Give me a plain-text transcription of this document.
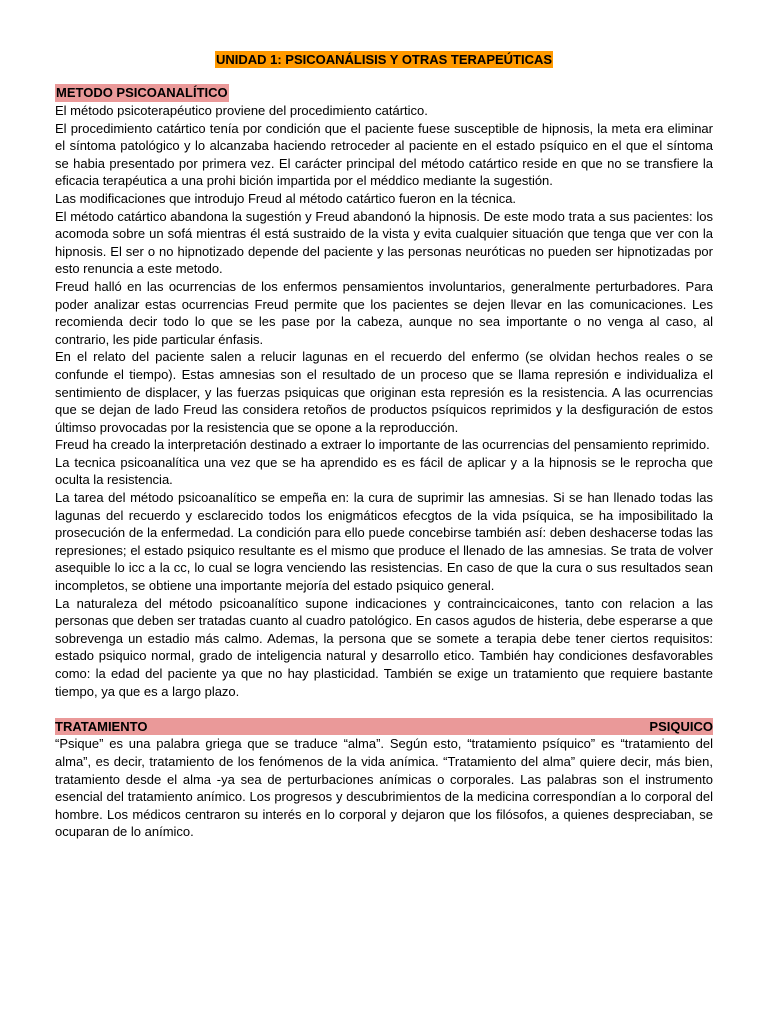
UNIDAD 1: PSICOANÁLISIS Y OTRAS TERAPEÚTICAS
METODO PSICOANALÍTICO

El método psicoterapéutico proviene del procedimiento catártico.

El procedimiento catártico tenía por condición que el paciente fuese susceptible de hipnosis, la meta era eliminar el síntoma patológico y lo alcanzaba haciendo retroceder al paciente en el estado psíquico en el que el síntoma se habia presentado por primera vez. El carácter principal del método catártico reside en que no se transfiere la eficacia terapéutica a una prohi bición impartida por el méddico mediante la sugestión.

Las modificaciones que introdujo Freud al método catártico fueron en la técnica.

El método catártico abandona la sugestión y Freud abandonó la hipnosis. De este modo trata a sus pacientes: los acomoda sobre un sofá mientras él está sustraido de la vista y evita cualquier situación que tenga que ver con la hipnosis. El ser o no hipnotizado depende del paciente y las personas neuróticas no pueden ser hipnotizadas por esto renuncia a este metodo.

Freud halló en las ocurrencias de los enfermos pensamientos involuntarios, generalmente perturbadores. Para poder analizar estas ocurrencias Freud permite que los pacientes se dejen llevar en las comunicaciones. Les recomienda decir todo lo que se les pase por la cabeza, aunque no sea importante o no venga al caso, al contrario, les pide particular énfasis.

En el relato del paciente salen a relucir lagunas en el recuerdo del enfermo (se olvidan hechos reales o se confunde el tiempo). Estas amnesias son el resultado de un proceso que se llama represión e individualiza el sentimiento de displacer, y las fuerzas psiquicas que originan esta represión es la resistencia. A las ocurrencias que se dejan de lado Freud las considera retoños de productos psíquicos reprimidos y la desfiguración de estos últimso provocadas por la resistencia que se opone a la reproducción.

Freud ha creado la interpretación destinado a extraer lo importante de las ocurrencias del pensamiento reprimido.

La tecnica psicoanalítica una vez que se ha aprendido es es fácil de aplicar y a la hipnosis se le reprocha que oculta la resistencia.

La tarea del método psicoanalítico se empeña en: la cura de suprimir las amnesias. Si se han llenado todas las lagunas del recuerdo y esclarecido todos los enigmáticos efecgtos de la vida psíquica, se ha imposibilitado la prosecución de la enfermedad. La condición para ello puede concebirse también así: deben deshacerse todas las represiones; el estado psiquico resultante es el mismo que produce el llenado de las amnesias. Se trata de volver asequible lo icc a la cc, lo cual se logra venciendo las resistencias. En caso de que la cura o sus resultados sean incompletos, se obtiene una importante mejoría del estado psiquico general.

La naturaleza del método psicoanalítico supone indicaciones y contraincicaicones, tanto con relacion a las personas que deben ser tratadas cuanto al cuadro patológico. En casos agudos de histeria, debe esperarse a que sobrevenga un estadio más calmo. Ademas, la persona que se somete a terapia debe tener ciertos requisitos: estado psiquico normal, grado de inteligencia natural y desarrollo etico. También hay condiciones desfavorables como: la edad del paciente ya que no hay plasticidad. También se exige un tratamiento que requiere bastante tiempo, ya que es a largo plazo.

TRATAMIENTO	PSIQUICO

“Psique” es una palabra griega que se traduce “alma”. Según esto, “tratamiento psíquico” es “tratamiento del alma”, es decir, tratamiento de los fenómenos de la vida anímica. “Tratamiento del alma” quiere decir, más bien, tratamiento desde el alma -ya sea de perturbaciones anímicas o corporales. Las palabras son el instrumento esencial del tratamiento anímico. Los progresos y descubrimientos de la medicina correspondían a lo corporal del hombre. Los médicos centraron su interés en lo corporal y dejaron que los filósofos, a quienes despreciaban, se ocuparan de lo anímico.
